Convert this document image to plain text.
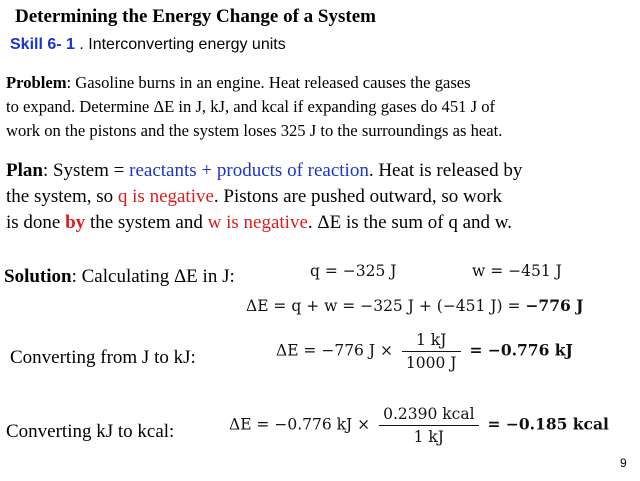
Determining the Energy Change of a System
Skill 6- 1 . Interconverting energy units
Problem: Gasoline burns in an engine. Heat released causes the gases
to expand. Determine ΔE in J, kJ, and kcal if expanding gases do 451 J of
work on the pistons and the system loses 325 J to the surroundings as heat.
Plan: System = reactants + products of reaction. Heat is released by
the system, so q is negative. Pistons are pushed outward, so work
is done by the system and w is negative. ΔE is the sum of q and w.
Solution: Calculating ΔE in J:	q = −325 J	w = −451 J
ΔE = q + w = −325 J + (−451 J) = −776 J
Converting from J to kJ:	ΔE = −776 $J \times \frac{1 kJ}{1000 J} = -0.776$ kJ
Converting kJ to kcal:	ΔE = −0.776 kJ × $\frac{\text{0.2390 kcal}}{1 kJ} = -0.185$ kcal
9
